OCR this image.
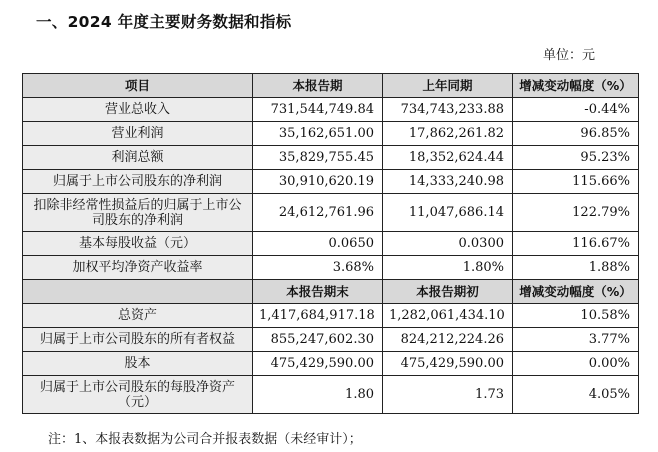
一、2024 年度主要财务数据和指标
单位：元
项目	本报告期	上年同期	增减变动幅度（%）
营业总收入	731,544,749.84	734,743,233.88	-0.44%
营业利润	35,162,651.00	17,862,261.82	96.85%
利润总额	35,829,755.45	18,352,624.44	95.23%
归属于上市公司股东的净利润	30,910,620.19	14,333,240.98	115.66%
扣除非经常性损益后的归属于上市公司股东的净利润	24,612,761.96	11,047,686.14	122.79%
基本每股收益（元）	0.0650	0.0300	116.67%
加权平均净资产收益率	3.68%	1.80%	1.88%
	本报告期末	本报告期初	增减变动幅度（%）
总资产	1,417,684,917.18	1,282,061,434.10	10.58%
归属于上市公司股东的所有者权益	855,247,602.30	824,212,224.26	3.77%
股本	475,429,590.00	475,429,590.00	0.00%
归属于上市公司股东的每股净资产（元）	1.80	1.73	4.05%
注：1、本报表数据为公司合并报表数据（未经审计）；
